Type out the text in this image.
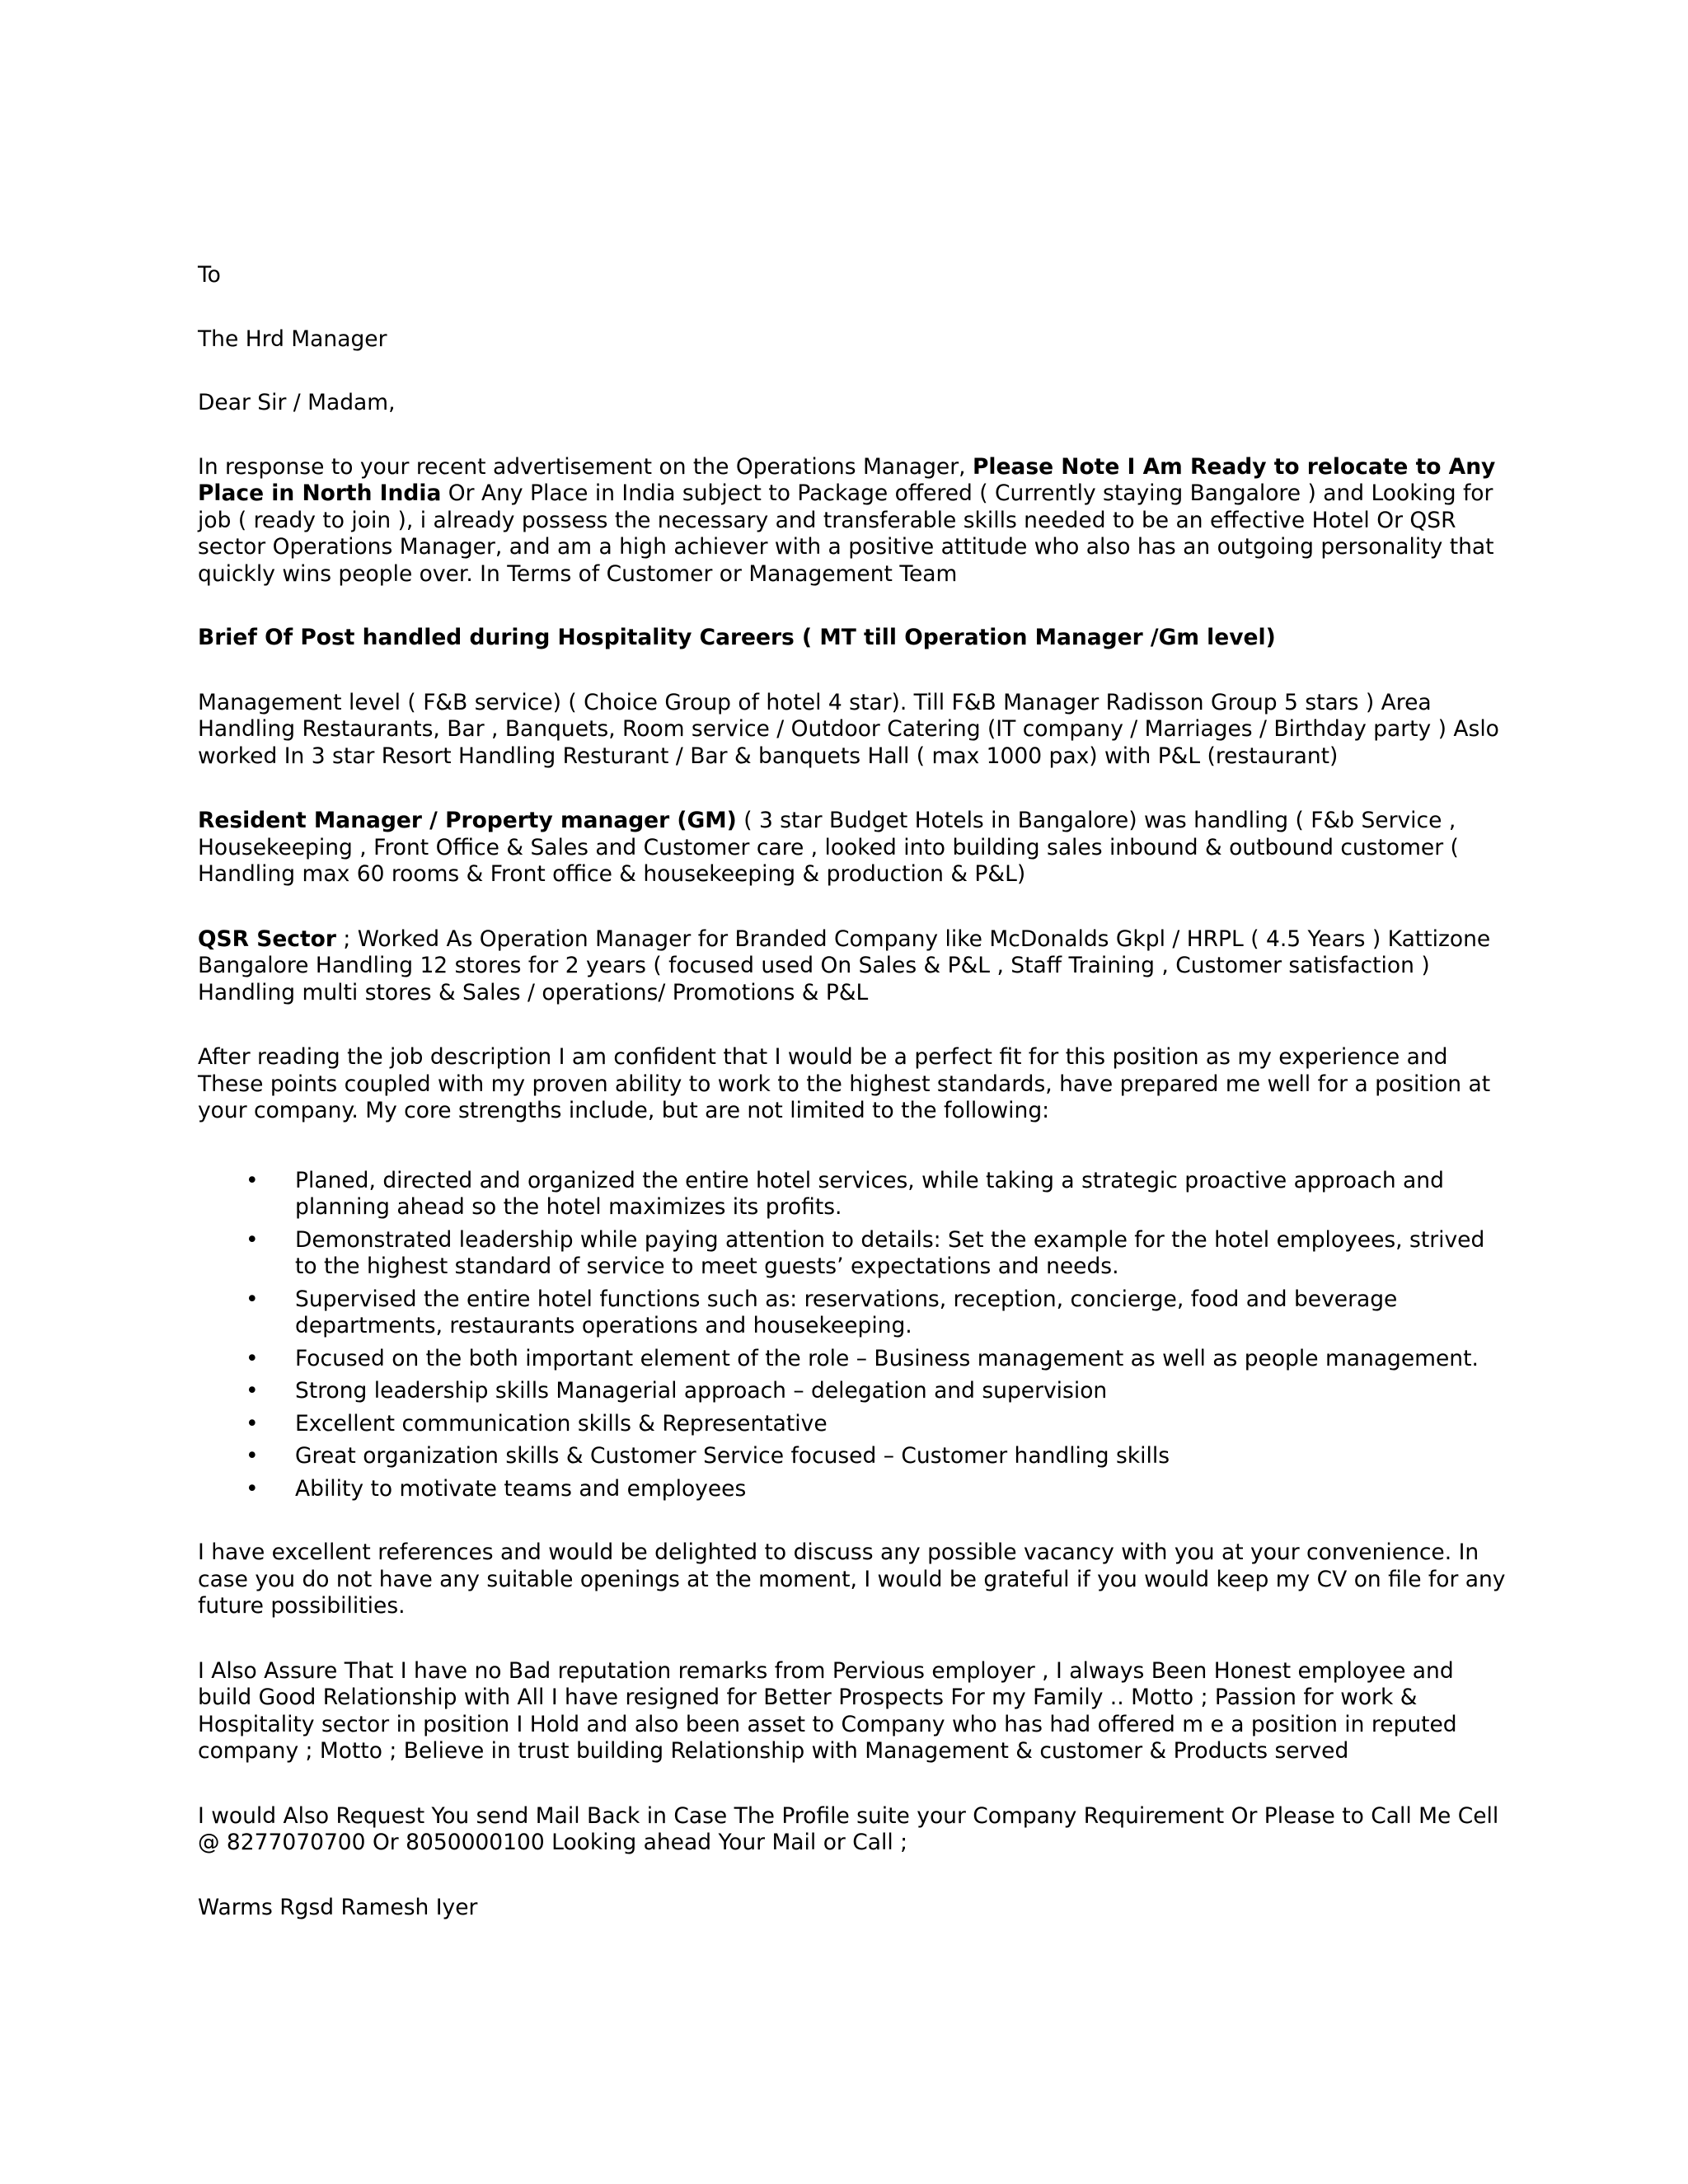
To

The Hrd Manager

Dear Sir / Madam,

In response to your recent advertisement on the Operations Manager, Please Note I Am Ready to relocate to Any Place in North India Or Any Place in India subject to Package offered ( Currently staying Bangalore ) and Looking for job ( ready to join ), i already possess the necessary and transferable skills needed to be an effective Hotel Or QSR sector Operations Manager, and am a high achiever with a positive attitude who also has an outgoing personality that quickly wins people over. In Terms of Customer or Management Team

Brief Of Post handled during Hospitality Careers ( MT till Operation Manager /Gm level)

Management level ( F&B service) ( Choice Group of hotel 4 star). Till F&B Manager Radisson Group 5 stars ) Area Handling Restaurants, Bar , Banquets, Room service / Outdoor Catering (IT company / Marriages / Birthday party ) Aslo worked In 3 star Resort Handling Resturant / Bar & banquets Hall ( max 1000 pax) with P&L (restaurant)

Resident Manager / Property manager (GM) ( 3 star Budget Hotels in Bangalore) was handling ( F&b Service , Housekeeping , Front Office & Sales and Customer care , looked into building sales inbound & outbound customer ( Handling max 60 rooms & Front office & housekeeping & production & P&L)

QSR Sector ; Worked As Operation Manager for Branded Company like McDonalds Gkpl / HRPL ( 4.5 Years ) Kattizone Bangalore Handling 12 stores for 2 years ( focused used On Sales & P&L , Staff Training , Customer satisfaction ) Handling multi stores & Sales / operations/ Promotions & P&L

After reading the job description I am confident that I would be a perfect fit for this position as my experience and These points coupled with my proven ability to work to the highest standards, have prepared me well for a position at your company. My core strengths include, but are not limited to the following:

• Planed, directed and organized the entire hotel services, while taking a strategic proactive approach and planning ahead so the hotel maximizes its profits.
• Demonstrated leadership while paying attention to details: Set the example for the hotel employees, strived to the highest standard of service to meet guests’ expectations and needs.
• Supervised the entire hotel functions such as: reservations, reception, concierge, food and beverage departments, restaurants operations and housekeeping.
• Focused on the both important element of the role – Business management as well as people management.
• Strong leadership skills Managerial approach – delegation and supervision
• Excellent communication skills & Representative
• Great organization skills & Customer Service focused – Customer handling skills
• Ability to motivate teams and employees

I have excellent references and would be delighted to discuss any possible vacancy with you at your convenience. In case you do not have any suitable openings at the moment, I would be grateful if you would keep my CV on file for any future possibilities.

I Also Assure That I have no Bad reputation remarks from Pervious employer , I always Been Honest employee and build Good Relationship with All I have resigned for Better Prospects For my Family .. Motto ; Passion for work & Hospitality sector in position I Hold and also been asset to Company who has had offered m e a position in reputed company ; Motto ; Believe in trust building Relationship with Management & customer & Products served

I would Also Request You send Mail Back in Case The Profile suite your Company Requirement Or Please to Call Me Cell @ 8277070700 Or 8050000100 Looking ahead Your Mail or Call ;

Warms Rgsd Ramesh Iyer
